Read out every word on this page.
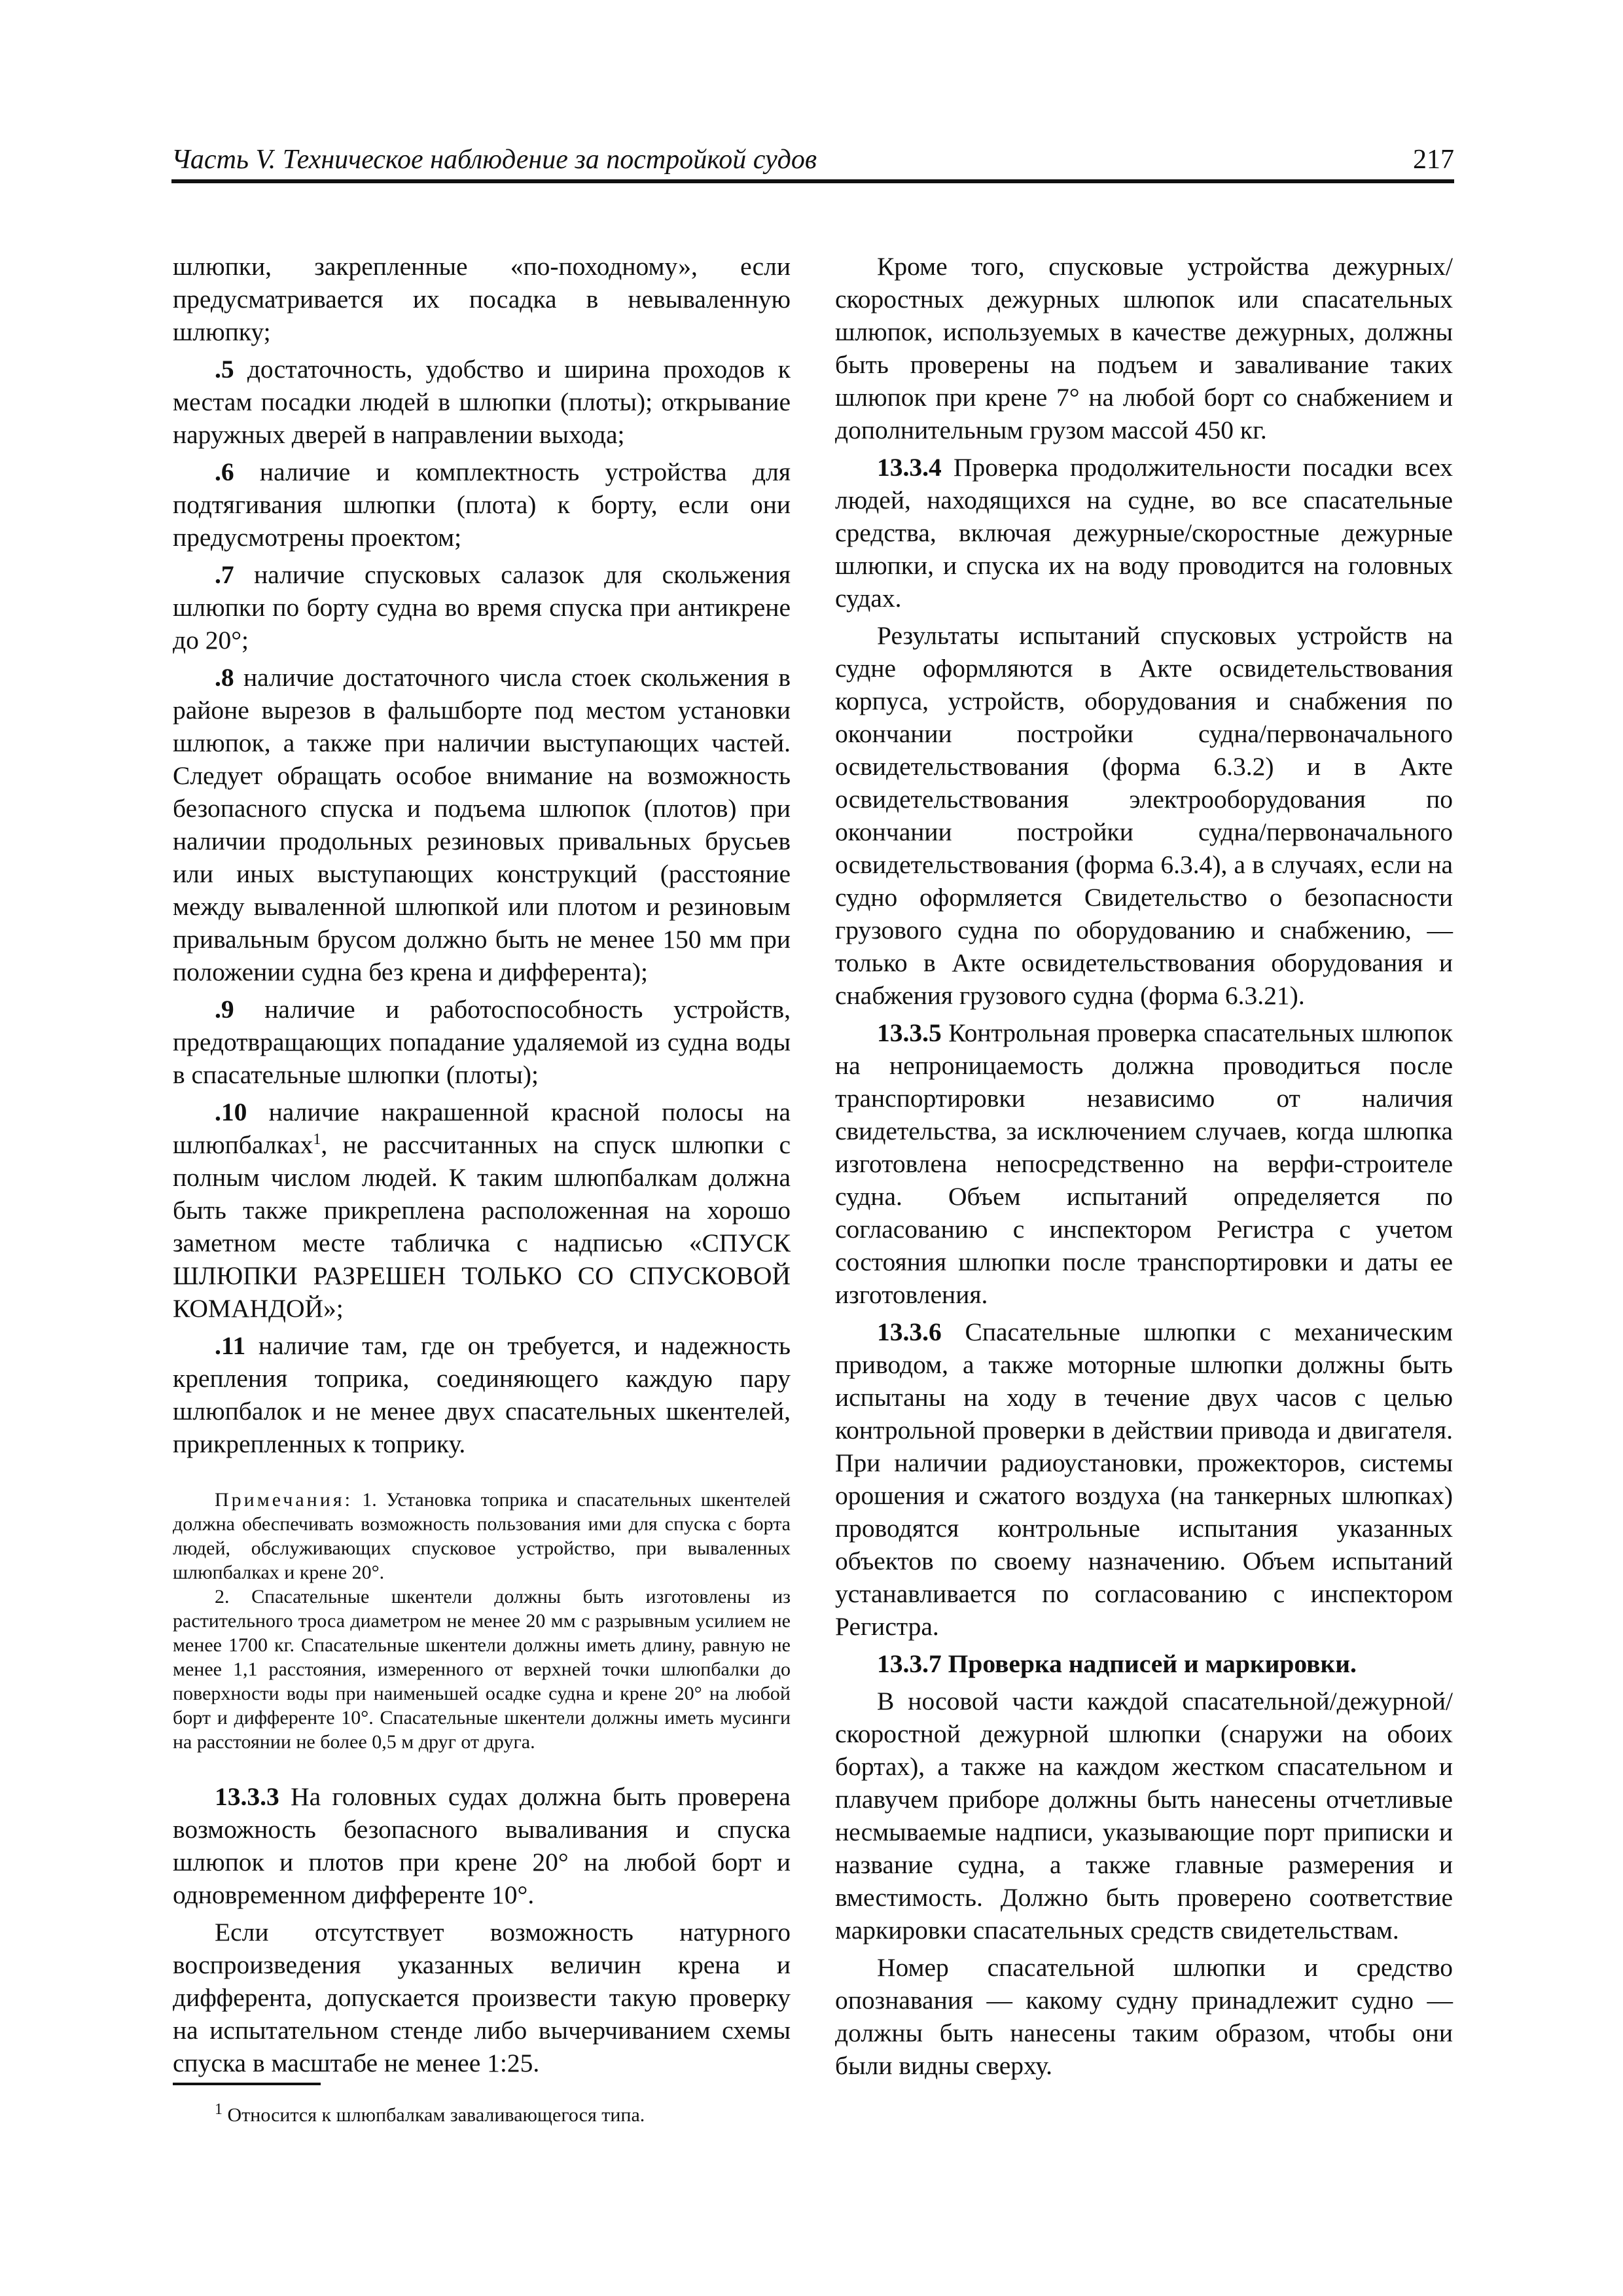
Часть V. Техническое наблюдение за постройкой судов	217

шлюпки, закрепленные «по-походному», если предусматривается их посадка в невываленную шлюпку;

.5 достаточность, удобство и ширина проходов к местам посадки людей в шлюпки (плоты); открывание наружных дверей в направлении выхода;

.6 наличие и комплектность устройства для подтягивания шлюпки (плота) к борту, если они предусмотрены проектом;

.7 наличие спусковых салазок для скольжения шлюпки по борту судна во время спуска при антикрене до 20°;

.8 наличие достаточного числа стоек скольжения в районе вырезов в фальшборте под местом установки шлюпок, а также при наличии выступающих частей. Следует обращать особое внимание на возможность безопасного спуска и подъема шлюпок (плотов) при наличии продольных резиновых привальных брусьев или иных выступающих конструкций (расстояние между вываленной шлюпкой или плотом и резиновым привальным брусом должно быть не менее 150 мм при положении судна без крена и дифферента);

.9 наличие и работоспособность устройств, предотвращающих попадание удаляемой из судна воды в спасательные шлюпки (плоты);

.10 наличие накрашенной красной полосы на шлюпбалках$^1$, не рассчитанных на спуск шлюпки с полным числом людей. К таким шлюпбалкам должна быть также прикреплена расположенная на хорошо заметном месте табличка с надписью «СПУСК ШЛЮПКИ РАЗРЕШЕН ТОЛЬКО СО СПУСКОВОЙ КОМАНДОЙ»;

.11 наличие там, где он требуется, и надежность крепления топрика, соединяющего каждую пару шлюпбалок и не менее двух спасательных шкентелей, прикрепленных к топрику.

Примечания: 1. Установка топрика и спасательных шкентелей должна обеспечивать возможность пользования ими для спуска с борта людей, обслуживающих спусковое устройство, при вываленных шлюпбалках и крене 20°.

2. Спасательные шкентели должны быть изготовлены из растительного троса диаметром не менее 20 мм с разрывным усилием не менее 1700 кг. Спасательные шкентели должны иметь длину, равную не менее 1,1 расстояния, измеренного от верхней точки шлюпбалки до поверхности воды при наименьшей осадке судна и крене 20° на любой борт и дифференте 10°. Спасательные шкентели должны иметь мусинги на расстоянии не более 0,5 м друг от друга.

13.3.3 На головных судах должна быть проверена возможность безопасного вываливания и спуска шлюпок и плотов при крене 20° на любой борт и одновременном дифференте 10°.

Если отсутствует возможность натурного воспроизведения указанных величин крена и дифферента, допускается произвести такую проверку на испытательном стенде либо вычерчиванием схемы спуска в масштабе не менее 1:25.

Кроме того, спусковые устройства дежурных/скоростных дежурных шлюпок или спасательных шлюпок, используемых в качестве дежурных, должны быть проверены на подъем и заваливание таких шлюпок при крене 7° на любой борт со снабжением и дополнительным грузом массой 450 кг.

13.3.4 Проверка продолжительности посадки всех людей, находящихся на судне, во все спасательные средства, включая дежурные/скоростные дежурные шлюпки, и спуска их на воду проводится на головных судах.

Результаты испытаний спусковых устройств на судне оформляются в Акте освидетельствования корпуса, устройств, оборудования и снабжения по окончании постройки судна/первоначального освидетельствования (форма 6.3.2) и в Акте освидетельствования электрооборудования по окончании постройки судна/первоначального освидетельствования (форма 6.3.4), а в случаях, если на судно оформляется Свидетельство о безопасности грузового судна по оборудованию и снабжению, — только в Акте освидетельствования оборудования и снабжения грузового судна (форма 6.3.21).

13.3.5 Контрольная проверка спасательных шлюпок на непроницаемость должна проводиться после транспортировки независимо от наличия свидетельства, за исключением случаев, когда шлюпка изготовлена непосредственно на верфи-строителе судна. Объем испытаний определяется по согласованию с инспектором Регистра с учетом состояния шлюпки после транспортировки и даты ее изготовления.

13.3.6 Спасательные шлюпки с механическим приводом, а также моторные шлюпки должны быть испытаны на ходу в течение двух часов с целью контрольной проверки в действии привода и двигателя. При наличии радиоустановки, прожекторов, системы орошения и сжатого воздуха (на танкерных шлюпках) проводятся контрольные испытания указанных объектов по своему назначению. Объем испытаний устанавливается по согласованию с инспектором Регистра.

13.3.7 Проверка надписей и маркировки.

В носовой части каждой спасательной/дежурной/скоростной дежурной шлюпки (снаружи на обоих бортах), а также на каждом жестком спасательном и плавучем приборе должны быть нанесены отчетливые несмываемые надписи, указывающие порт приписки и название судна, а также главные размерения и вместимость. Должно быть проверено соответствие маркировки спасательных средств свидетельствам.

Номер спасательной шлюпки и средство опознавания — какому судну принадлежит судно — должны быть нанесены таким образом, чтобы они были видны сверху.

$^1$ Относится к шлюпбалкам заваливающегося типа.
